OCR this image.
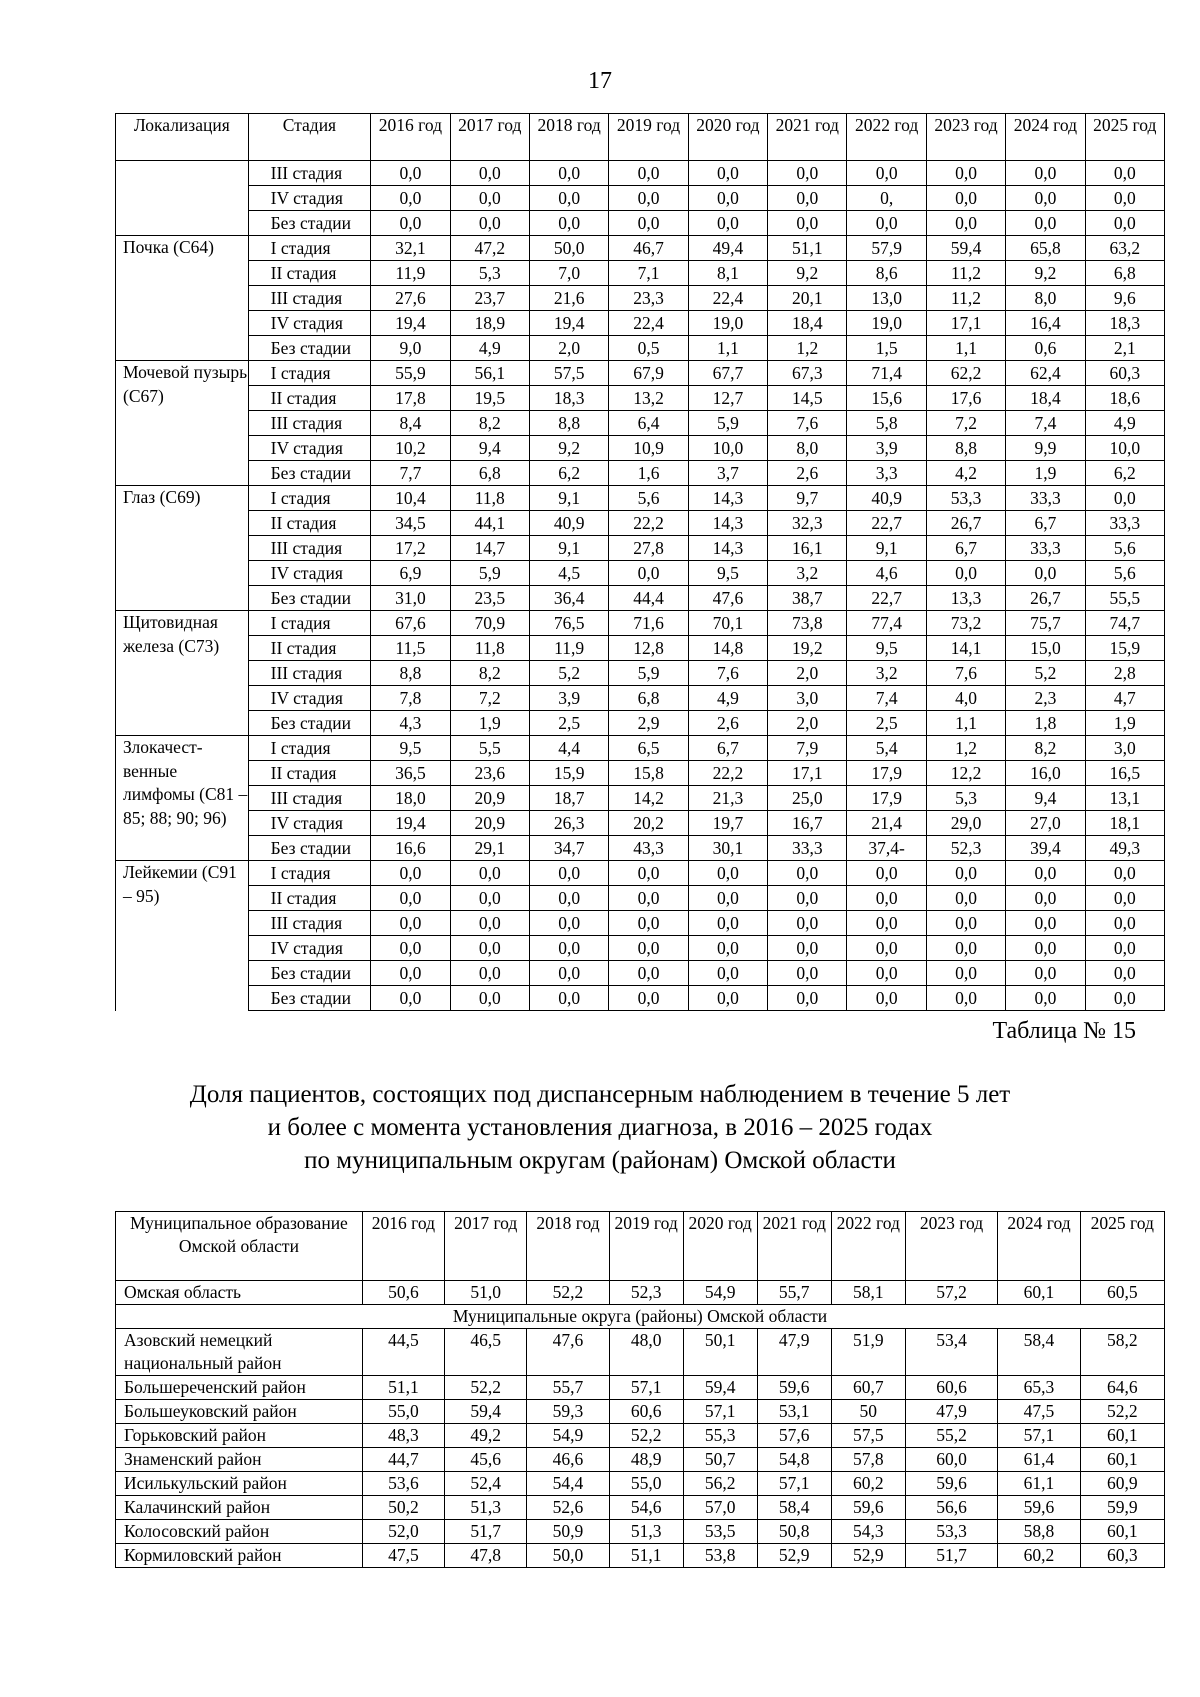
17
Локализация	Стадия	2016 год	2017 год	2018 год	2019 год	2020 год	2021 год	2022 год	2023 год	2024 год	2025 год
	III стадия	0,0	0,0	0,0	0,0	0,0	0,0	0,0	0,0	0,0	0,0
	IV стадия	0,0	0,0	0,0	0,0	0,0	0,0	0,	0,0	0,0	0,0
	Без стадии	0,0	0,0	0,0	0,0	0,0	0,0	0,0	0,0	0,0	0,0
Почка (С64)	I стадия	32,1	47,2	50,0	46,7	49,4	51,1	57,9	59,4	65,8	63,2
	II стадия	11,9	5,3	7,0	7,1	8,1	9,2	8,6	11,2	9,2	6,8
	III стадия	27,6	23,7	21,6	23,3	22,4	20,1	13,0	11,2	8,0	9,6
	IV стадия	19,4	18,9	19,4	22,4	19,0	18,4	19,0	17,1	16,4	18,3
	Без стадии	9,0	4,9	2,0	0,5	1,1	1,2	1,5	1,1	0,6	2,1
Мочевой пузырь (С67)	I стадия	55,9	56,1	57,5	67,9	67,7	67,3	71,4	62,2	62,4	60,3
	II стадия	17,8	19,5	18,3	13,2	12,7	14,5	15,6	17,6	18,4	18,6
	III стадия	8,4	8,2	8,8	6,4	5,9	7,6	5,8	7,2	7,4	4,9
	IV стадия	10,2	9,4	9,2	10,9	10,0	8,0	3,9	8,8	9,9	10,0
	Без стадии	7,7	6,8	6,2	1,6	3,7	2,6	3,3	4,2	1,9	6,2
Глаз (С69)	I стадия	10,4	11,8	9,1	5,6	14,3	9,7	40,9	53,3	33,3	0,0
	II стадия	34,5	44,1	40,9	22,2	14,3	32,3	22,7	26,7	6,7	33,3
	III стадия	17,2	14,7	9,1	27,8	14,3	16,1	9,1	6,7	33,3	5,6
	IV стадия	6,9	5,9	4,5	0,0	9,5	3,2	4,6	0,0	0,0	5,6
	Без стадии	31,0	23,5	36,4	44,4	47,6	38,7	22,7	13,3	26,7	55,5
Щитовидная железа (С73)	I стадия	67,6	70,9	76,5	71,6	70,1	73,8	77,4	73,2	75,7	74,7
	II стадия	11,5	11,8	11,9	12,8	14,8	19,2	9,5	14,1	15,0	15,9
	III стадия	8,8	8,2	5,2	5,9	7,6	2,0	3,2	7,6	5,2	2,8
	IV стадия	7,8	7,2	3,9	6,8	4,9	3,0	7,4	4,0	2,3	4,7
	Без стадии	4,3	1,9	2,5	2,9	2,6	2,0	2,5	1,1	1,8	1,9
Злокачест-венные лимфомы (С81 – 85; 88; 90; 96)	I стадия	9,5	5,5	4,4	6,5	6,7	7,9	5,4	1,2	8,2	3,0
	II стадия	36,5	23,6	15,9	15,8	22,2	17,1	17,9	12,2	16,0	16,5
	III стадия	18,0	20,9	18,7	14,2	21,3	25,0	17,9	5,3	9,4	13,1
	IV стадия	19,4	20,9	26,3	20,2	19,7	16,7	21,4	29,0	27,0	18,1
	Без стадии	16,6	29,1	34,7	43,3	30,1	33,3	37,4-	52,3	39,4	49,3
Лейкемии (С91 – 95)	I стадия	0,0	0,0	0,0	0,0	0,0	0,0	0,0	0,0	0,0	0,0
	II стадия	0,0	0,0	0,0	0,0	0,0	0,0	0,0	0,0	0,0	0,0
	III стадия	0,0	0,0	0,0	0,0	0,0	0,0	0,0	0,0	0,0	0,0
	IV стадия	0,0	0,0	0,0	0,0	0,0	0,0	0,0	0,0	0,0	0,0
	Без стадии	0,0	0,0	0,0	0,0	0,0	0,0	0,0	0,0	0,0	0,0
	Без стадии	0,0	0,0	0,0	0,0	0,0	0,0	0,0	0,0	0,0	0,0
Таблица № 15
Доля пациентов, состоящих под диспансерным наблюдением в течение 5 лет
и более с момента установления диагноза, в 2016 – 2025 годах
по муниципальным округам (районам) Омской области
Муниципальное образование Омской области	2016 год	2017 год	2018 год	2019 год	2020 год	2021 год	2022 год	2023 год	2024 год	2025 год
Омская область	50,6	51,0	52,2	52,3	54,9	55,7	58,1	57,2	60,1	60,5
Муниципальные округа (районы) Омской области										
Азовский немецкий национальный район	44,5	46,5	47,6	48,0	50,1	47,9	51,9	53,4	58,4	58,2
Большереченский район	51,1	52,2	55,7	57,1	59,4	59,6	60,7	60,6	65,3	64,6
Большеуковский район	55,0	59,4	59,3	60,6	57,1	53,1	50	47,9	47,5	52,2
Горьковский район	48,3	49,2	54,9	52,2	55,3	57,6	57,5	55,2	57,1	60,1
Знаменский район	44,7	45,6	46,6	48,9	50,7	54,8	57,8	60,0	61,4	60,1
Исилькульский район	53,6	52,4	54,4	55,0	56,2	57,1	60,2	59,6	61,1	60,9
Калачинский район	50,2	51,3	52,6	54,6	57,0	58,4	59,6	56,6	59,6	59,9
Колосовский район	52,0	51,7	50,9	51,3	53,5	50,8	54,3	53,3	58,8	60,1
Кормиловский район	47,5	47,8	50,0	51,1	53,8	52,9	52,9	51,7	60,2	60,3
